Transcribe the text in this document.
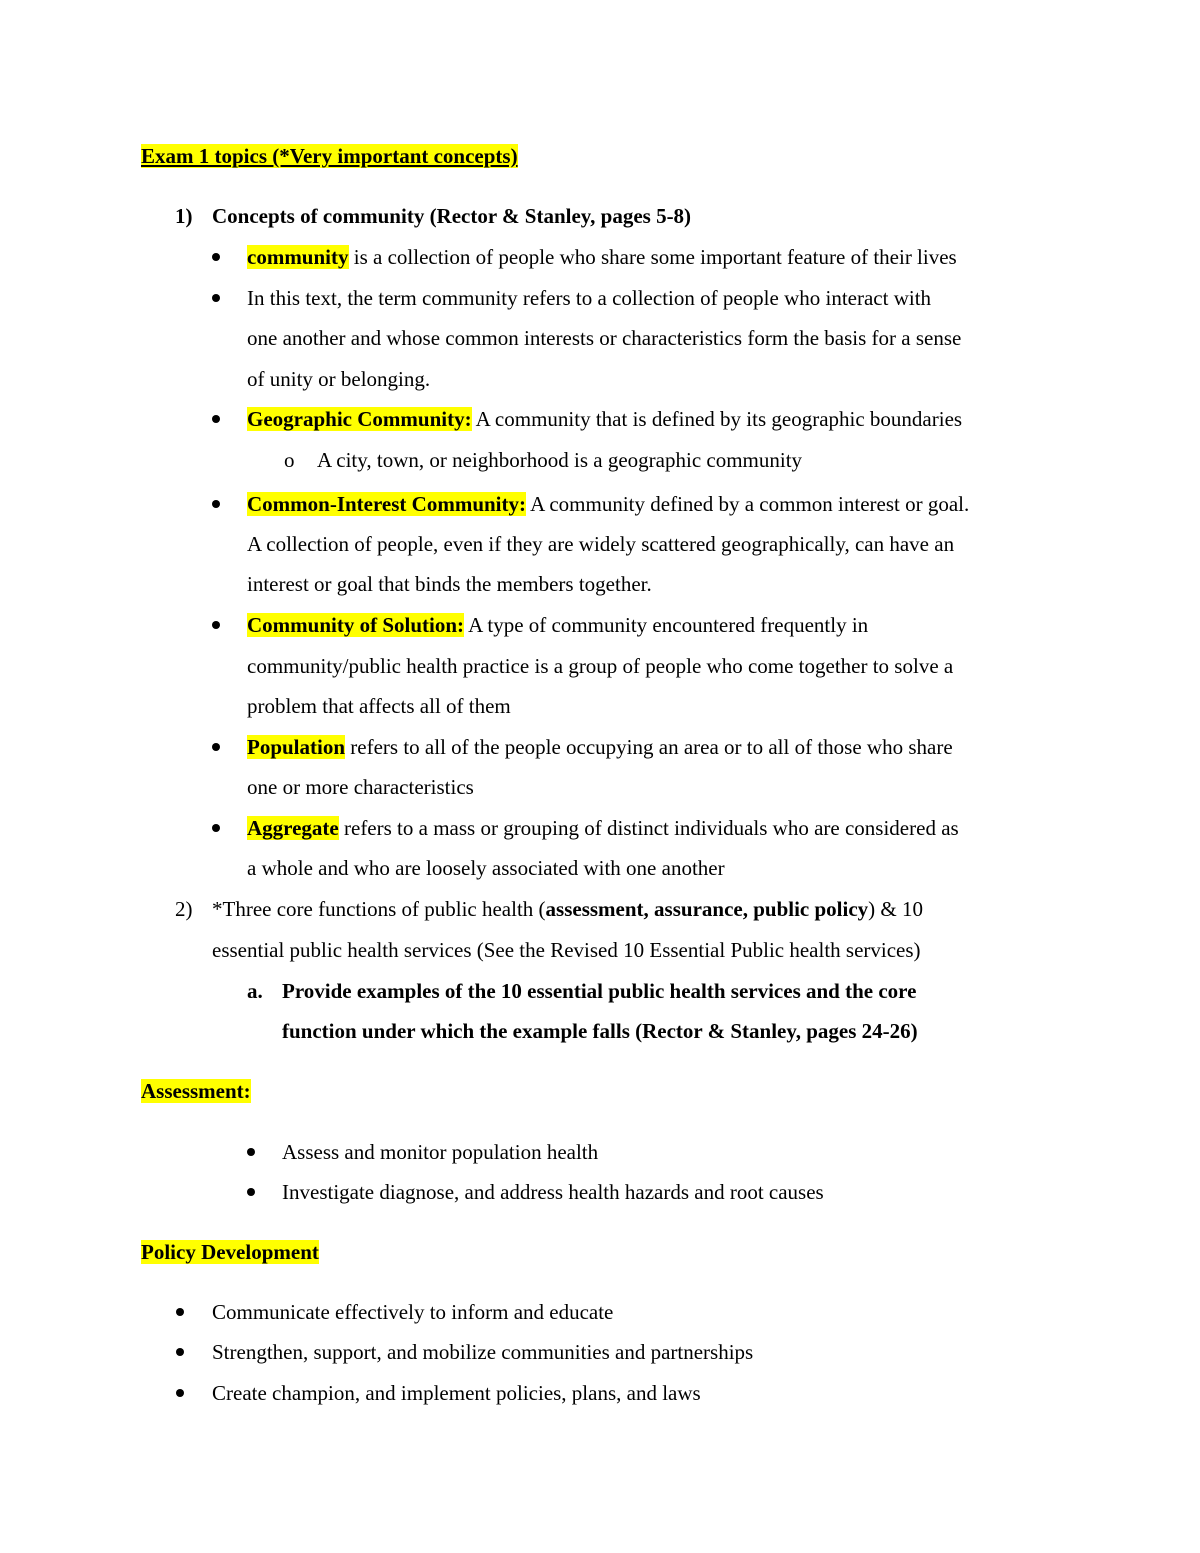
Exam 1 topics (*Very important concepts)
1) Concepts of community (Rector & Stanley, pages 5-8)
community is a collection of people who share some important feature of their lives
In this text, the term community refers to a collection of people who interact with
one another and whose common interests or characteristics form the basis for a sense
of unity or belonging.
Geographic Community: A community that is defined by its geographic boundaries
o A city, town, or neighborhood is a geographic community
Common-Interest Community: A community defined by a common interest or goal.
A collection of people, even if they are widely scattered geographically, can have an
interest or goal that binds the members together.
Community of Solution: A type of community encountered frequently in
community/public health practice is a group of people who come together to solve a
problem that affects all of them
Population refers to all of the people occupying an area or to all of those who share
one or more characteristics
Aggregate refers to a mass or grouping of distinct individuals who are considered as
a whole and who are loosely associated with one another
2) *Three core functions of public health (assessment, assurance, public policy) & 10
essential public health services (See the Revised 10 Essential Public health services)
a. Provide examples of the 10 essential public health services and the core
function under which the example falls (Rector & Stanley, pages 24-26)
Assessment:
Assess and monitor population health
Investigate diagnose, and address health hazards and root causes
Policy Development
Communicate effectively to inform and educate
Strengthen, support, and mobilize communities and partnerships
Create champion, and implement policies, plans, and laws
